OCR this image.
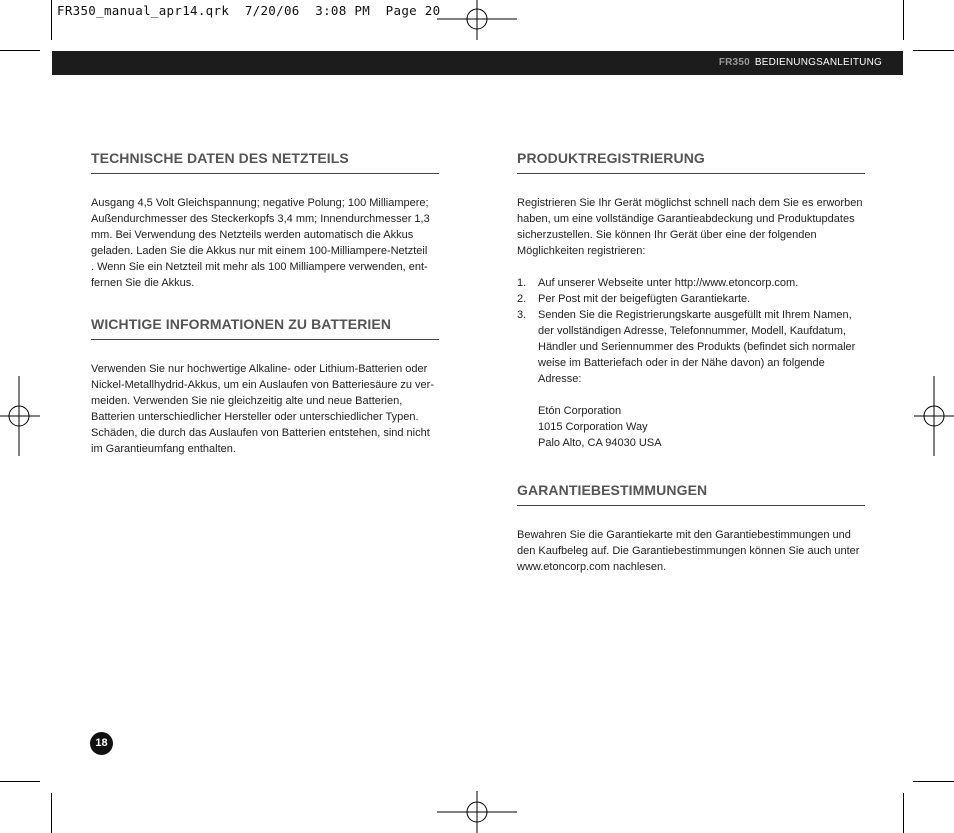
FR350_manual_apr14.qrk  7/20/06  3:08 PM  Page 20
FR350 BEDIENUNGSANLEITUNG
TECHNISCHE DATEN DES NETZTEILS

Ausgang 4,5 Volt Gleichspannung; negative Polung; 100 Milliampere;
Außendurchmesser des Steckerkopfs 3,4 mm; Innendurchmesser 1,3
mm. Bei Verwendung des Netzteils werden automatisch die Akkus
geladen. Laden Sie die Akkus nur mit einem 100-Milliampere-Netzteil
. Wenn Sie ein Netzteil mit mehr als 100 Milliampere verwenden, ent-
fernen Sie die Akkus.

WICHTIGE INFORMATIONEN ZU BATTERIEN

Verwenden Sie nur hochwertige Alkaline- oder Lithium-Batterien oder
Nickel-Metallhydrid-Akkus, um ein Auslaufen von Batteriesäure zu ver-
meiden. Verwenden Sie nie gleichzeitig alte und neue Batterien,
Batterien unterschiedlicher Hersteller oder unterschiedlicher Typen.
Schäden, die durch das Auslaufen von Batterien entstehen, sind nicht
im Garantieumfang enthalten.

PRODUKTREGISTRIERUNG

Registrieren Sie Ihr Gerät möglichst schnell nach dem Sie es erworben
haben, um eine vollständige Garantieabdeckung und Produktupdates
sicherzustellen. Sie können Ihr Gerät über eine der folgenden
Möglichkeiten registrieren:

1. Auf unserer Webseite unter http://www.etoncorp.com.
2. Per Post mit der beigefügten Garantiekarte.
3. Senden Sie die Registrierungskarte ausgefüllt mit Ihrem Namen,
der vollständigen Adresse, Telefonnummer, Modell, Kaufdatum,
Händler und Seriennummer des Produkts (befindet sich normaler
weise im Batteriefach oder in der Nähe davon) an folgende
Adresse:
Etón Corporation
1015 Corporation Way
Palo Alto, CA 94030 USA
GARANTIEBESTIMMUNGEN

Bewahren Sie die Garantiekarte mit den Garantiebestimmungen und
den Kaufbeleg auf. Die Garantiebestimmungen können Sie auch unter
www.etoncorp.com nachlesen.

18
